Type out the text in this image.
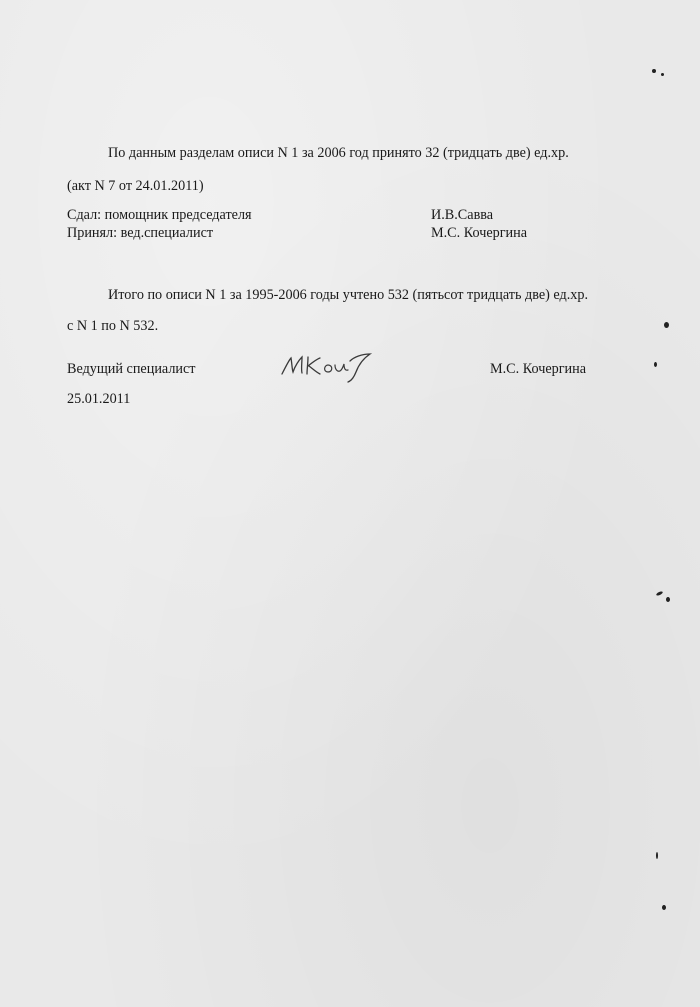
По данным разделам описи N 1 за 2006 год принято 32 (тридцать две) ед.хр.
(акт N 7 от 24.01.2011)
Сдал: помощник председателя	И.В.Савва
Принял: вед.специалист	М.С. Кочергина
Итого по описи N 1 за 1995-2006 годы учтено 532 (пятьсот тридцать две) ед.хр.
с N 1 по N 532.
Ведущий специалист	М.С. Кочергина
25.01.2011
